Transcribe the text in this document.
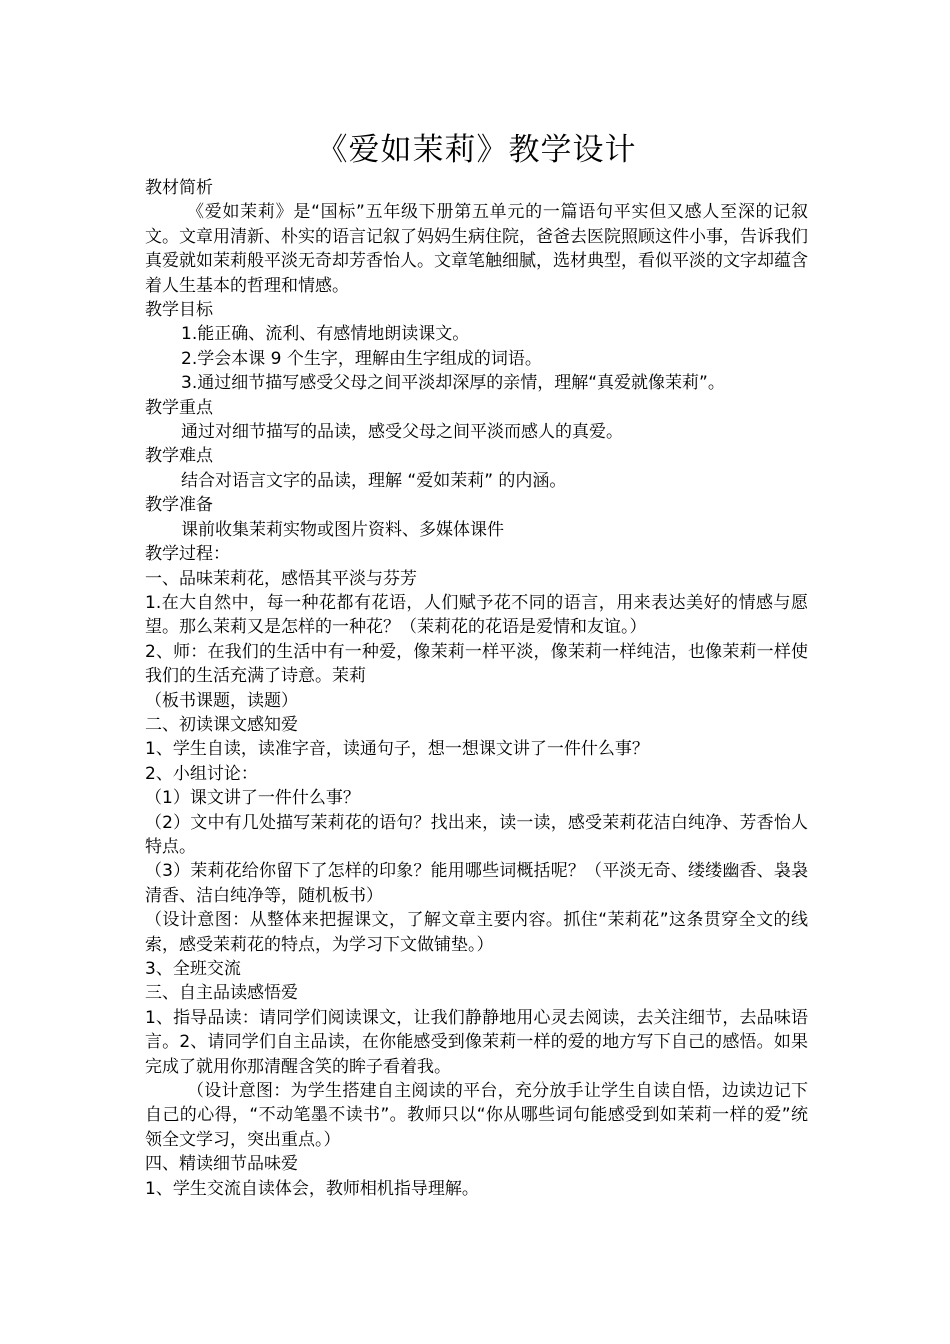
《爱如茉莉》教学设计

教材简析

《爱如茉莉》是“国标”五年级下册第五单元的一篇语句平实但又感人至深的记叙文。文章用清新、朴实的语言记叙了妈妈生病住院，爸爸去医院照顾这件小事，告诉我们真爱就如茉莉般平淡无奇却芳香怡人。文章笔触细腻，选材典型，看似平淡的文字却蕴含着人生基本的哲理和情感。

教学目标

1.能正确、流利、有感情地朗读课文。

2.学会本课 9 个生字，理解由生字组成的词语。

3.通过细节描写感受父母之间平淡却深厚的亲情，理解“真爱就像茉莉”。

教学重点

通过对细节描写的品读，感受父母之间平淡而感人的真爱。

教学难点

结合对语言文字的品读，理解 “爱如茉莉” 的内涵。

教学准备

课前收集茉莉实物或图片资料、多媒体课件

教学过程：

一、品味茉莉花，感悟其平淡与芬芳

1.在大自然中，每一种花都有花语，人们赋予花不同的语言，用来表达美好的情感与愿望。那么茉莉又是怎样的一种花？（茉莉花的花语是爱情和友谊。）

2、师：在我们的生活中有一种爱，像茉莉一样平淡，像茉莉一样纯洁，也像茉莉一样使我们的生活充满了诗意。茉莉

（板书课题，读题）

二、初读课文感知爱

1、学生自读，读准字音，读通句子，想一想课文讲了一件什么事？

2、小组讨论：

（1）课文讲了一件什么事？

（2）文中有几处描写茉莉花的语句？找出来，读一读，感受茉莉花洁白纯净、芳香怡人特点。

（3）茉莉花给你留下了怎样的印象？能用哪些词概括呢？（平淡无奇、缕缕幽香、袅袅清香、洁白纯净等，随机板书）

（设计意图：从整体来把握课文，了解文章主要内容。抓住“茉莉花”这条贯穿全文的线索，感受茉莉花的特点，为学习下文做铺垫。）

3、全班交流

三、自主品读感悟爱

1、指导品读：请同学们阅读课文，让我们静静地用心灵去阅读，去关注细节，去品味语言。2、请同学们自主品读，在你能感受到像茉莉一样的爱的地方写下自己的感悟。如果完成了就用你那清醒含笑的眸子看着我。

（设计意图：为学生搭建自主阅读的平台，充分放手让学生自读自悟，边读边记下自己的心得，“不动笔墨不读书”。教师只以“你从哪些词句能感受到如茉莉一样的爱”统领全文学习，突出重点。）

四、精读细节品味爱

1、学生交流自读体会，教师相机指导理解。
